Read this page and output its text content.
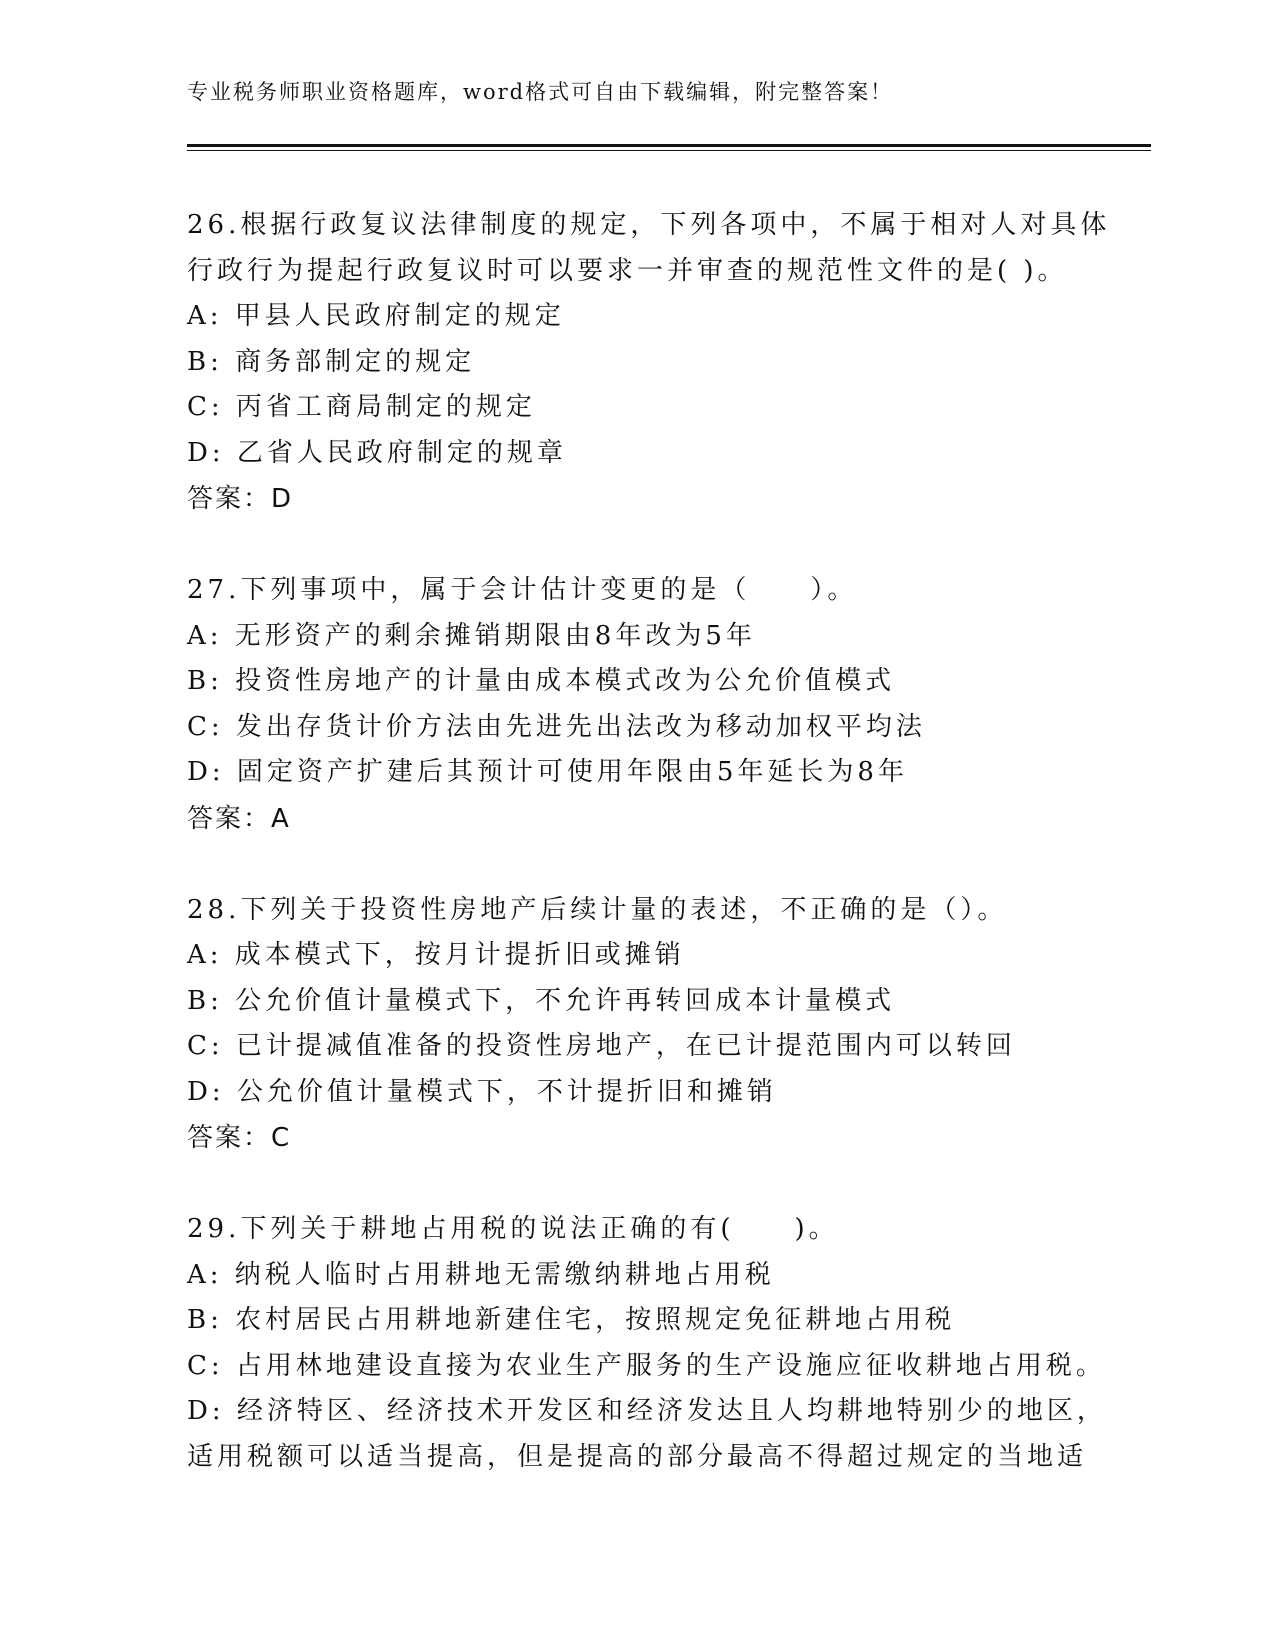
专业税务师职业资格题库，word格式可自由下载编辑，附完整答案！
26.根据行政复议法律制度的规定，下列各项中，不属于相对人对具体
行政行为提起行政复议时可以要求一并审查的规范性文件的是( )。
A: 甲县人民政府制定的规定
B: 商务部制定的规定
C: 丙省工商局制定的规定
D: 乙省人民政府制定的规章
答案：D
27.下列事项中，属于会计估计变更的是（　　）。
A: 无形资产的剩余摊销期限由8年改为5年
B: 投资性房地产的计量由成本模式改为公允价值模式
C: 发出存货计价方法由先进先出法改为移动加权平均法
D: 固定资产扩建后其预计可使用年限由5年延长为8年
答案：A
28.下列关于投资性房地产后续计量的表述，不正确的是（）。
A: 成本模式下，按月计提折旧或摊销
B: 公允价值计量模式下，不允许再转回成本计量模式
C: 已计提减值准备的投资性房地产，在已计提范围内可以转回
D: 公允价值计量模式下，不计提折旧和摊销
答案：C
29.下列关于耕地占用税的说法正确的有(　　)。
A: 纳税人临时占用耕地无需缴纳耕地占用税
B: 农村居民占用耕地新建住宅，按照规定免征耕地占用税
C: 占用林地建设直接为农业生产服务的生产设施应征收耕地占用税。
D: 经济特区、经济技术开发区和经济发达且人均耕地特别少的地区，
适用税额可以适当提高，但是提高的部分最高不得超过规定的当地适
